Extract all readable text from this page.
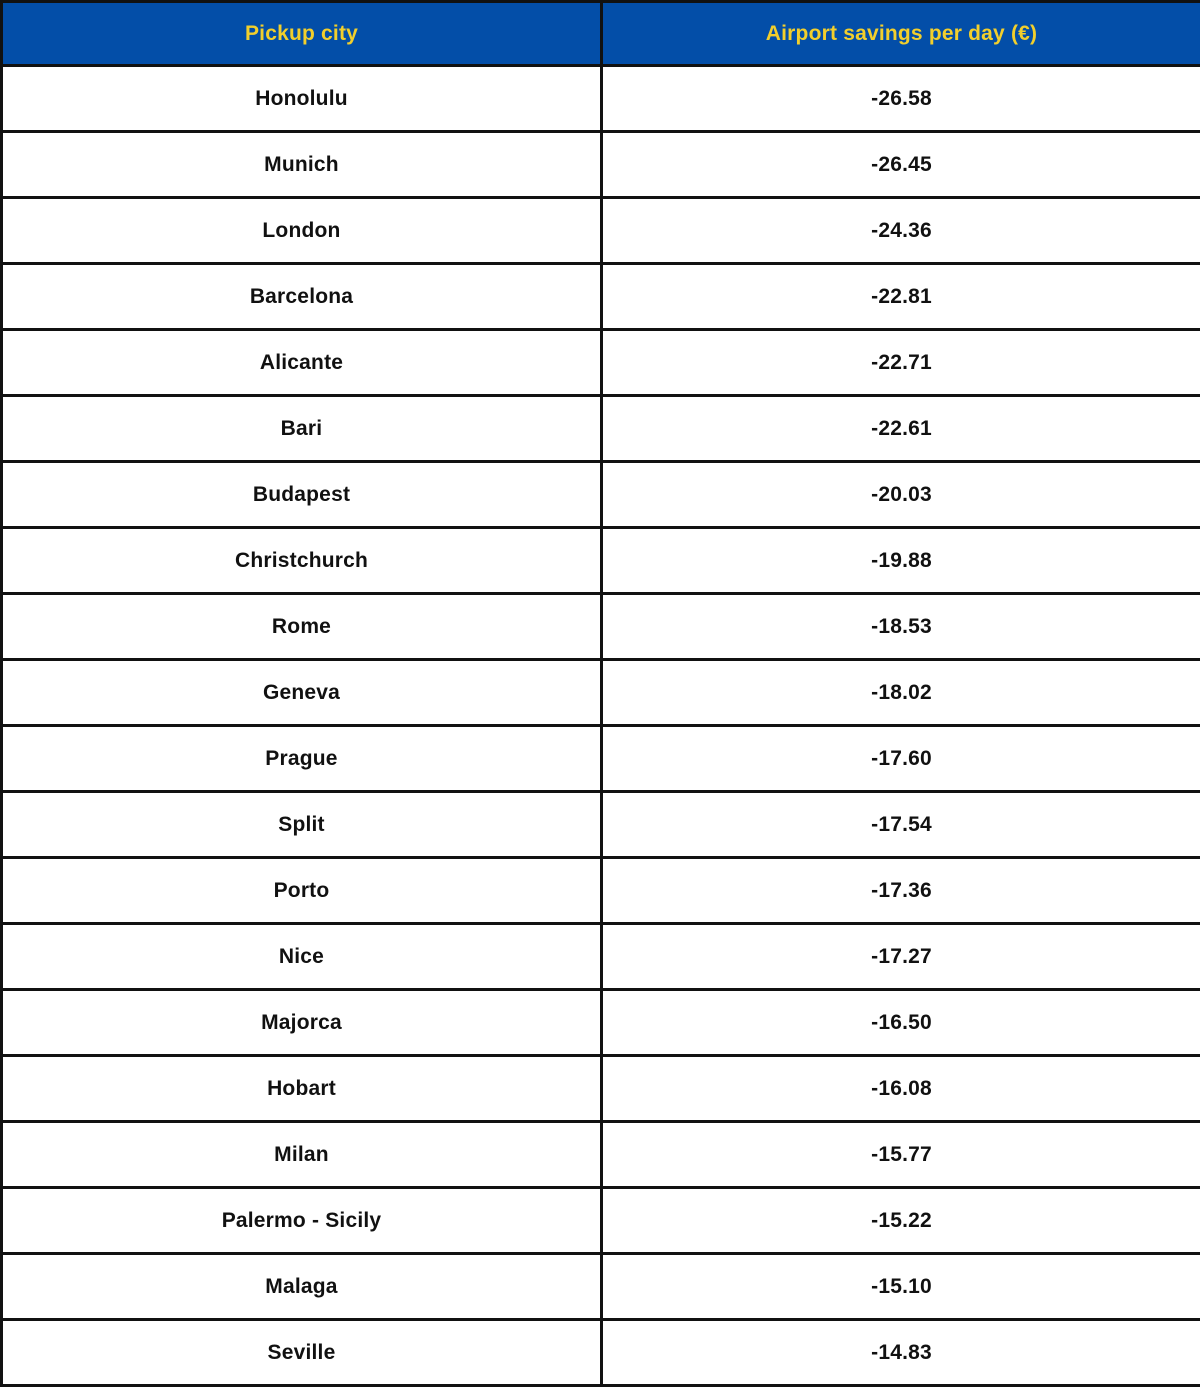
Pickup city	Airport savings per day (€)
Honolulu	-26.58
Munich	-26.45
London	-24.36
Barcelona	-22.81
Alicante	-22.71
Bari	-22.61
Budapest	-20.03
Christchurch	-19.88
Rome	-18.53
Geneva	-18.02
Prague	-17.60
Split	-17.54
Porto	-17.36
Nice	-17.27
Majorca	-16.50
Hobart	-16.08
Milan	-15.77
Palermo - Sicily	-15.22
Malaga	-15.10
Seville	-14.83
